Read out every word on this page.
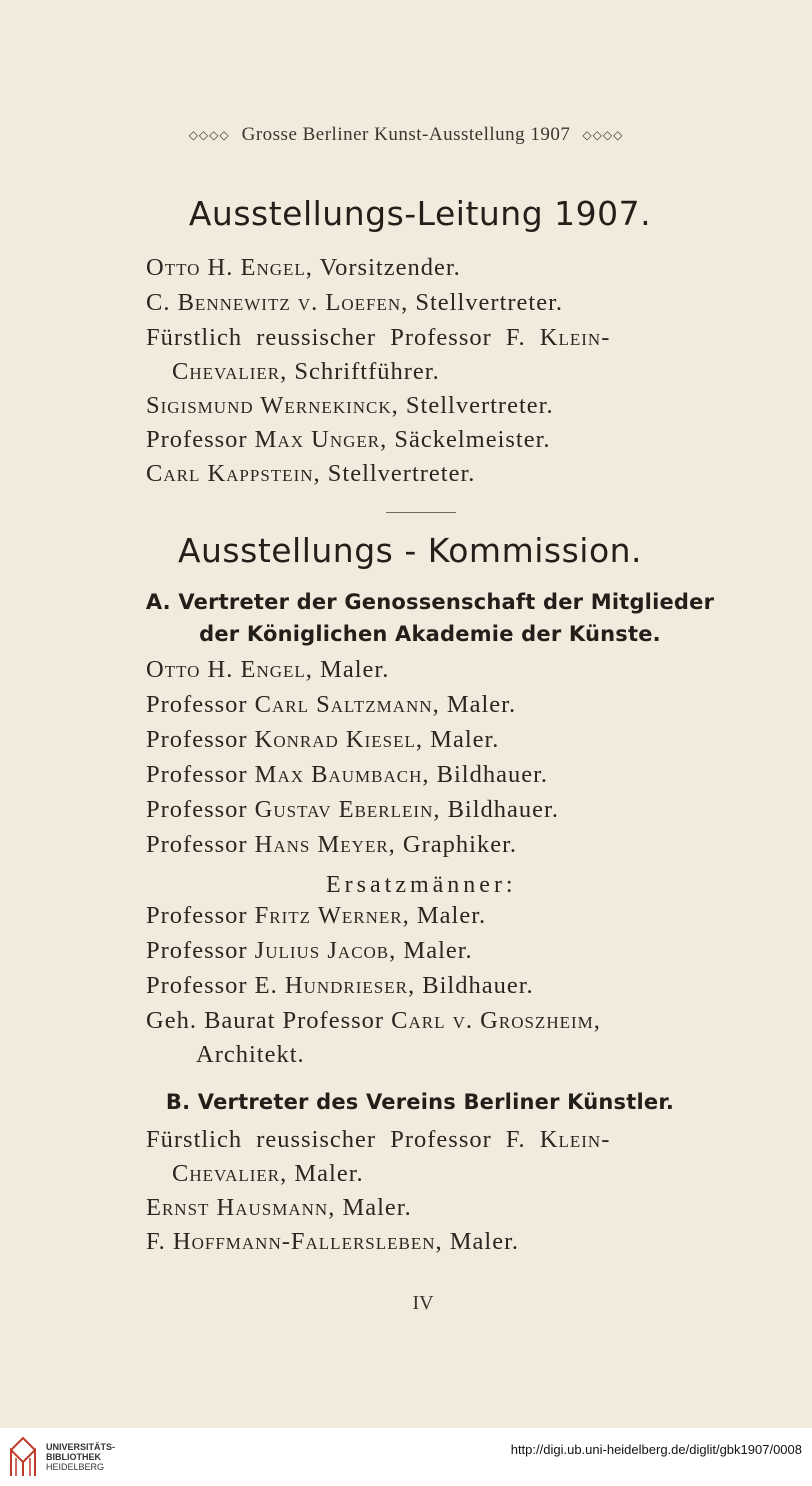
◇◇◇◇ Grosse Berliner Kunst-Ausstellung 1907 ◇◇◇◇
Ausstellungs-Leitung 1907.
Otto H. Engel, Vorsitzender.
C. Bennewitz v. Loefen, Stellvertreter.
Fürstlich reussischer Professor F. Klein-
Chevalier, Schriftführer.
Sigismund Wernekinck, Stellvertreter.
Professor Max Unger, Säckelmeister.
Carl Kappstein, Stellvertreter.
Ausstellungs - Kommission.
A. Vertreter der Genossenschaft der Mitglieder
der Königlichen Akademie der Künste.
Otto H. Engel, Maler.
Professor Carl Saltzmann, Maler.
Professor Konrad Kiesel, Maler.
Professor Max Baumbach, Bildhauer.
Professor Gustav Eberlein, Bildhauer.
Professor Hans Meyer, Graphiker.
Ersatzmänner:
Professor Fritz Werner, Maler.
Professor Julius Jacob, Maler.
Professor E. Hundrieser, Bildhauer.
Geh. Baurat Professor Carl v. Groszheim,
Architekt.
B. Vertreter des Vereins Berliner Künstler.
Fürstlich reussischer Professor F. Klein-
Chevalier, Maler.
Ernst Hausmann, Maler.
F. Hoffmann-Fallersleben, Maler.
IV
UNIVERSITÄTS-
BIBLIOTHEK
HEIDELBERG
http://digi.ub.uni-heidelberg.de/diglit/gbk1907/0008
